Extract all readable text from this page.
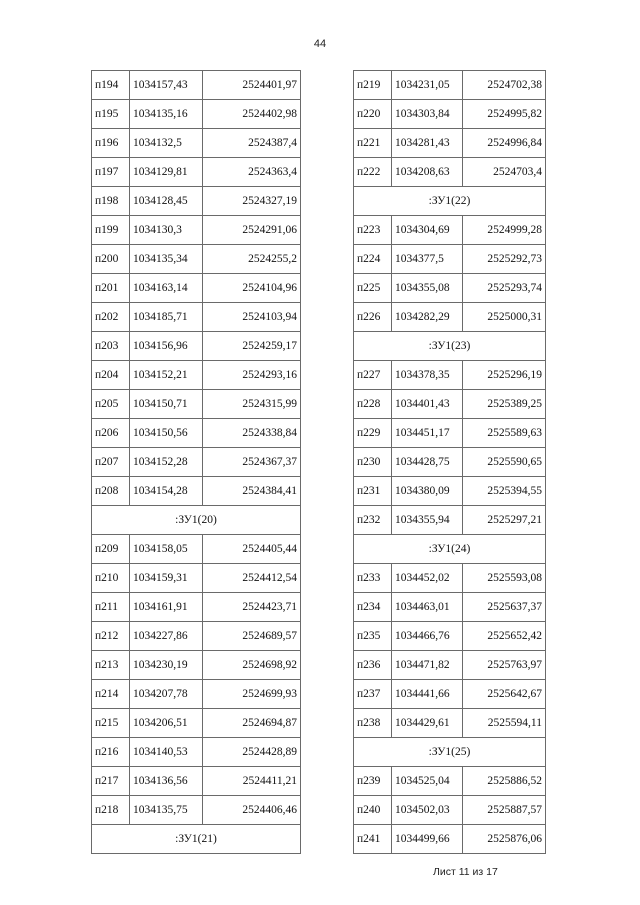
44
п194	1034157,43	2524401,97
п195	1034135,16	2524402,98
п196	1034132,5	2524387,4
п197	1034129,81	2524363,4
п198	1034128,45	2524327,19
п199	1034130,3	2524291,06
п200	1034135,34	2524255,2
п201	1034163,14	2524104,96
п202	1034185,71	2524103,94
п203	1034156,96	2524259,17
п204	1034152,21	2524293,16
п205	1034150,71	2524315,99
п206	1034150,56	2524338,84
п207	1034152,28	2524367,37
п208	1034154,28	2524384,41
:ЗУ1(20)		
п209	1034158,05	2524405,44
п210	1034159,31	2524412,54
п211	1034161,91	2524423,71
п212	1034227,86	2524689,57
п213	1034230,19	2524698,92
п214	1034207,78	2524699,93
п215	1034206,51	2524694,87
п216	1034140,53	2524428,89
п217	1034136,56	2524411,21
п218	1034135,75	2524406,46
:ЗУ1(21)		
п219	1034231,05	2524702,38
п220	1034303,84	2524995,82
п221	1034281,43	2524996,84
п222	1034208,63	2524703,4
:ЗУ1(22)		
п223	1034304,69	2524999,28
п224	1034377,5	2525292,73
п225	1034355,08	2525293,74
п226	1034282,29	2525000,31
:ЗУ1(23)		
п227	1034378,35	2525296,19
п228	1034401,43	2525389,25
п229	1034451,17	2525589,63
п230	1034428,75	2525590,65
п231	1034380,09	2525394,55
п232	1034355,94	2525297,21
:ЗУ1(24)		
п233	1034452,02	2525593,08
п234	1034463,01	2525637,37
п235	1034466,76	2525652,42
п236	1034471,82	2525763,97
п237	1034441,66	2525642,67
п238	1034429,61	2525594,11
:ЗУ1(25)		
п239	1034525,04	2525886,52
п240	1034502,03	2525887,57
п241	1034499,66	2525876,06
Лист 11 из 17
